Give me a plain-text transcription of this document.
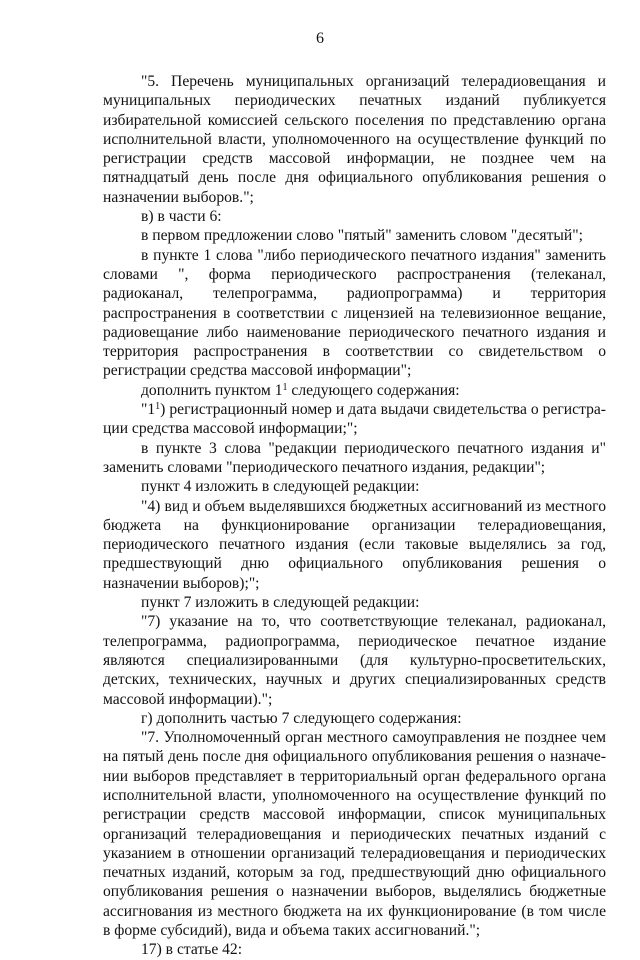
6

"5. Перечень муниципальных организаций телерадиовещания и муниципальных периодических печатных изданий публикуется избирательной комиссией сельского поселения по представлению органа исполнительной власти, уполномоченного на осуществление функций по регистрации средств массовой информации, не позднее чем на пятнадцатый день после дня официального опубликования решения о назначении выборов.";

в) в части 6:

в первом предложении слово "пятый" заменить словом "десятый";

в пункте 1 слова "либо периодического печатного издания" заменить словами ", форма периодического распространения (телеканал, радиоканал, телепрограмма, радиопрограмма) и территория распространения в соответствии с лицензией на телевизионное вещание, радиовещание либо наименование периодического печатного издания и территория распространения в соответствии со свидетельством о регистрации средства массовой информации";

дополнить пунктом $1^1$ следующего содержания:

"$1^1$) регистрационный номер и дата выдачи свидетельства о регистрации средства массовой информации;";

в пункте 3 слова "редакции периодического печатного издания и" заменить словами "периодического печатного издания, редакции";

пункт 4 изложить в следующей редакции:

"4) вид и объем выделявшихся бюджетных ассигнований из местного бюджета на функционирование организации телерадиовещания, периодического печатного издания (если таковые выделялись за год, предшествующий дню официального опубликования решения о назначении выборов);";

пункт 7 изложить в следующей редакции:

"7) указание на то, что соответствующие телеканал, радиоканал, телепрограмма, радиопрограмма, периодическое печатное издание являются специализированными (для культурно-просветительских, детских, технических, научных и других специализированных средств массовой информации).";

г) дополнить частью 7 следующего содержания:

"7. Уполномоченный орган местного самоуправления не позднее чем на пятый день после дня официального опубликования решения о назначении выборов представляет в территориальный орган федерального органа исполнительной власти, уполномоченного на осуществление функций по регистрации средств массовой информации, список муниципальных организаций телерадиовещания и периодических печатных изданий с указанием в отношении организаций телерадиовещания и периодических печатных изданий, которым за год, предшествующий дню официального опубликования решения о назначении выборов, выделялись бюджетные ассигнования из местного бюджета на их функционирование (в том числе в форме субсидий), вида и объема таких ассигнований.";

17) в статье 42:
